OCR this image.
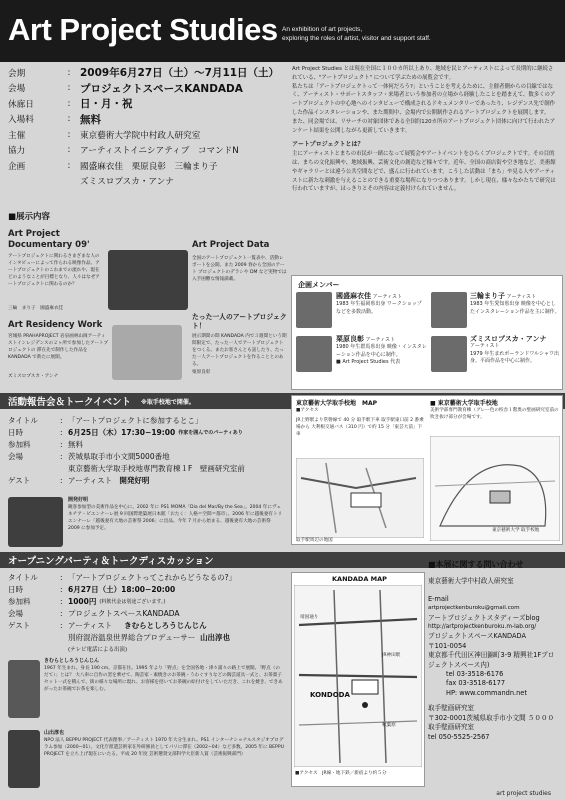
Art Project Studies An exhibition of art projects,
exploring the roles of artist, visitor and support staff.
会期	: 2009年6月27日（土）〜7月11日（土）
会場	: プロジェクトスペースKANDADA
休廊日	: 日・月・祝
入場料	: 無料
主催	:	東京藝術大学院中村政人研究室
協力	:	アーティストイニシアティブ　コマンドN
企画	:	國盛麻衣佳　栗原良彰　三輪まり子
ズミスロプスカ・アンナ

Art Project Studies とは現在全国に１００カ所以上あり、地域を民とアーティストによって長期的に継続されている、"アートプロジェクト" について学ぶための展覧会です。

私たちは「アートプロジェクトって一体何だろう?」ということを考えるために、主催者側からの目線ではなく、アーティスト・サポートスタッフ・来場者という参加者の立場から経験したことを踏まえて、数多くのアートプロジェクトの中心地へのインタビューで構成されるドキュメンタリーであったり、レジデンス先で制作した作品インスタレーションや、また期間中、会場内で公開制作されるアートプロジェクトを展開します。

また、同会場では、リサーチの対象団体である全国約120カ所のアートプロジェクト団体に向けて行われたアンケート結果を公開しながら更新していきます。

アートプロジェクトとは？

主にアーティストとまちの市民が一緒になって展覧会やアートイベントをひらくプロジェクトです。その目的は、まちの文化振興や、地域振興、芸術文化の創造など様々です。近年、全国の商店街や空き地など、美術館やギャラリーとは違う公共空間などで、盛んに行われています。こうした活動は「まち」や見る人やアーティストに新たな刺激を与えることのできる重要な場所になりつつあります。しかし現在、様々なかたちで研究は行われていますが、はっきりとその内容は定義付けられていません。

■展示内容
Art Project Documentary 09'
アートプロジェクトに関わるさまざまな人のインタビューによって作られる映像作品。アートプロジェクトのこれまでの流れや、現在どのようなことが目標となり、人々はなぜアートプロジェクトに関わるのか？
三輪　まり子　國盛麻衣佳
Art Project Data
全国のアートプロジェクト一覧表や、活動レポートを公開。また 2009 春から全国のアート プロジェクトのデラシや DM など実物では入手困難な情報満載。
Art Residency Work
宮城県 PRAHAPROJECT 岩泉画林山岡アーティストインレジデンスの２ヶ所で参加したアートプロジェクトの 滞在先で制作した作品をKANDADA で新たに展開。
ズミスロプスカ・アンナ
たった一人のアートプロジェクト！
展示期間の間 KANDADA 内で３週間という期間限定で、たった一人でアートプロジェクトをつくる。またお客さんとも話したり、たった一人アートプロジェクトを作ることとのある。
栗原良彰
企画メンバー
國盛麻衣佳 アーティスト
1983 年生福岡県出身 ワークショップなどを多数活動。
栗原良彰 アーティスト
1980 年生群馬県出身 映像・インスタレーション作品を中心に制作。
■ Art Project Studies 代表
三輪まり子 アーティスト
1983 年生愛知県出身 映像を中心としたインスタレーション作品を主に制作。
ズミスロプスカ・アンナ
アーティスト
1979 年生まれポーランドワルシャワ出身。平面作品を中心に制作。
活動報告会＆トークイベント ※取手校地で開催。
タイトル	: 「アートプロジェクトに参加するとこ」
日時	: 6月25日（木）17:30−19:00 作家を囲んでのパーティあり
参加料	: 無料
会場	: 茨城県取手市小文間5000番地
東京藝術大学取手校地専門教育棟１F　壁画研究室前
ゲスト	: アーティスト
開発好明
開発好明
観客参加型の美術作品を中心に。2002 年に PS1 MOMA「Dia del Mar/By the Sea」。2004 年にヴェネチア・ビエンナーレ展 9 回国際建築展日本館「おたく：人格＝空間＝都市」。2006 年に越後妻有トリエンナーレ「越後妻有大地の芸術祭 2006」に出品。今年 7 月から始まる、越後妻有大地の芸術祭 2009 に参加予定。
東京藝術大学取手校地　MAP
■アクセス
JR上野駅より常磐線で 40 分 取手駅下車 取手駅東口前 2 番乗場から 大利根交通バス（310 円）で約 15 分「東芸大前」下車
取手駅周辺の地図
■ 東京藝術大学取手校地
美術学部専門教育棟（グレー色の校舎１階奥の壁画研究室前の吹き抜け部分が会場です。
東京藝術大学 取手校地
オープニングパーティ＆トークディスカッション
タイトル	: 「アートプロジェクトってこれからどうなるの?」
日時	: 6月27日（土）18:00−20:00
参加料	: 1000円 (料飲代金は別途ございます。)
会場	: プロジェクトスペースKANDADA
ゲスト	: アーティスト
きむらとしろうじんじん
別府混浴温泉世界総合プロデューサー
山出淳也
(テレビ電話による出演)
きむらとしろうじんじん
1967 年生まれ。身長 190 cm。京都在住。1995 年より「野点」を全国各地・津々浦々の路上で展開。「野点（のだて）」とは？ 大八車に自作の窯を乗せて、陶芸家・素焼きのお茶碗・うわぐすりなどの陶芸道具一式と、お茶菓子セット一式を積んで、街の様々な場所に現れ、お客様を招いてお茶碗の絵付けをしていただき、これを焼き、できあがったお茶碗でお茶を楽しむ。
山出淳也
NPO 法人 BEPPU PROJECT 代表理事／アーティスト 1970 年大分生まれ。PS1 インターナショナルスタジオプログラム参加（2000−01）。文化庁派遣芸術家在外研修員としてパリに滞在（2002−04）など多数。2005 年に BEPPU PROJECT を立ち上げ現在にいたる。平成 20 年度 芸術選奨文部科学大臣新人賞（芸術振興部門）
KANDADA MAP
KONDODA
靖国通り
JR神田駅
秋葉原
■アクセス　JR線・地下鉄／新宿より約５分
■本展に関する問い合わせ
東京藝術大学中村政人研究室
E-mail
artprojectkenburoku@gmail.com
アートプロジェクトスタディーズblog
http://artprojectkenburoku.m-lab.org/
プロジェクトスペースKANDADA
〒101-0054
東京都千代田区神田錦町3-9 精興社1Fプロジェクトスペース内)
tel 03-3518-6176
fax 03-3518-6177
HP: www.commandn.net
取手壁画研究室
〒302-0001茨城県取手市小文間 ５０００　取手壁画研究室
tel 050-5525-2567
art project studies
